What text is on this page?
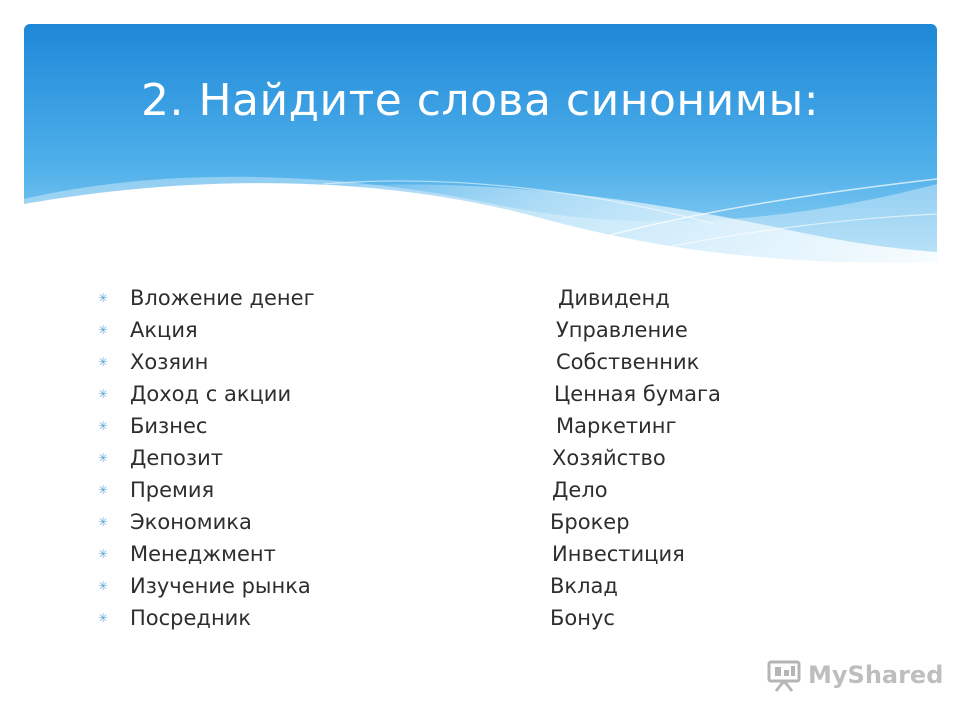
2. Найдите слова синонимы:
✳ Вложение денег	Дивиденд
✳ Акция	Управление
✳ Хозяин	Собственник
✳ Доход с акции	Ценная бумага
✳ Бизнес	Маркетинг
✳ Депозит	Хозяйство
✳ Премия	Дело
✳ Экономика	Брокер
✳ Менеджмент	Инвестиция
✳ Изучение рынка	Вклад
✳ Посредник	Бонус
MyShared
